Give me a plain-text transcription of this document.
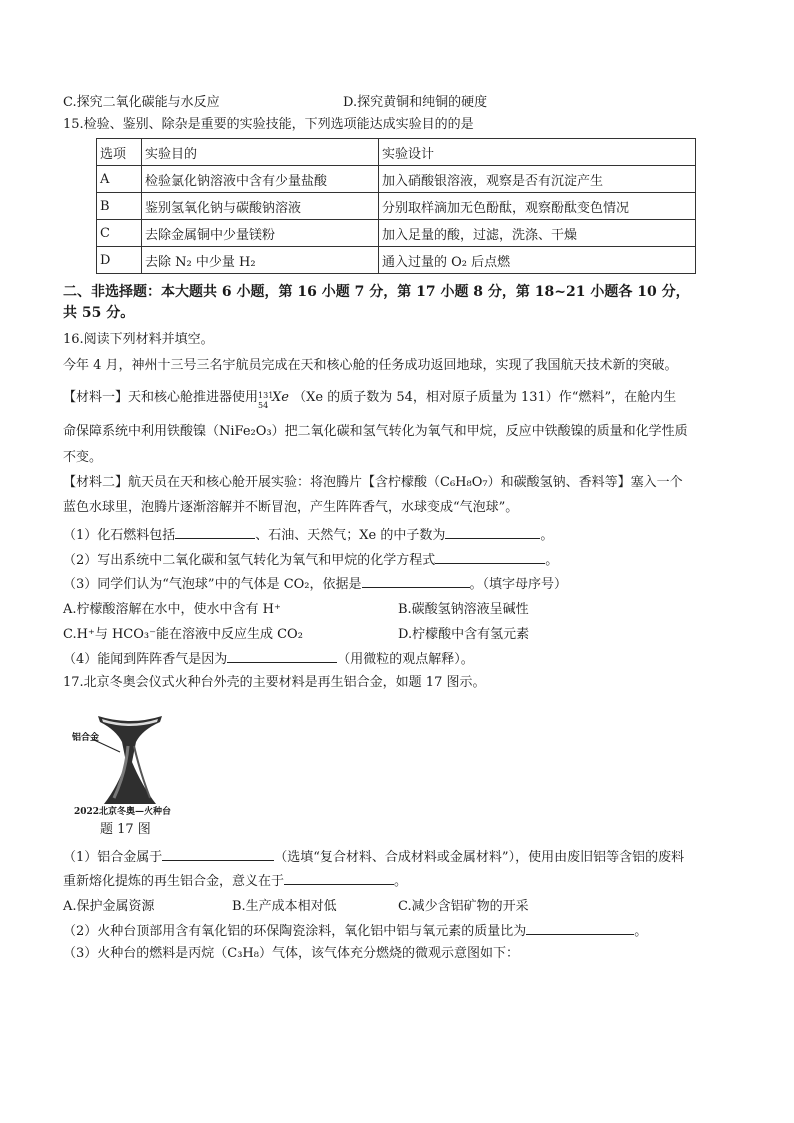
C.探究二氧化碳能与水反应	D.探究黄铜和纯铜的硬度
15.检验、鉴别、除杂是重要的实验技能，下列选项能达成实验目的的是
选项	实验目的	实验设计
A	检验氯化钠溶液中含有少量盐酸	加入硝酸银溶液，观察是否有沉淀产生
B	鉴别氢氧化钠与碳酸钠溶液	分别取样滴加无色酚酞，观察酚酞变色情况
C	去除金属铜中少量镁粉	加入足量的酸，过滤，洗涤、干燥
D	去除 N₂ 中少量 H₂	通入过量的 O₂ 后点燃
二、非选择题：本大题共 6 小题，第 16 小题 7 分，第 17 小题 8 分，第 18~21 小题各 10 分，
共 55 分。
16.阅读下列材料并填空。
今年 4 月，神州十三号三名宇航员完成在天和核心舱的任务成功返回地球，实现了我国航天技术新的突破。
【材料一】天和核心舱推进器使用 131
54
Xe （Xe 的质子数为 54，相对原子质量为 131）作“燃料”，在舱内生
命保障系统中利用铁酸镍（NiFe₂O₃）把二氧化碳和氢气转化为氧气和甲烷，反应中铁酸镍的质量和化学性质
不变。
【材料二】航天员在天和核心舱开展实验：将泡腾片【含柠檬酸（C₆H₈O₇）和碳酸氢钠、香料等】塞入一个
蓝色水球里，泡腾片逐渐溶解并不断冒泡，产生阵阵香气，水球变成“气泡球”。
（1）化石燃料包括	、石油、天然气；Xe 的中子数为	。
（2）写出系统中二氧化碳和氢气转化为氧气和甲烷的化学方程式	。
（3）同学们认为“气泡球”中的气体是 CO₂，依据是	。（填字母序号）
A.柠檬酸溶解在水中，使水中含有 H⁺	B.碳酸氢钠溶液呈碱性
C.H⁺与 HCO₃⁻能在溶液中反应生成 CO₂	D.柠檬酸中含有氢元素
（4）能闻到阵阵香气是因为	（用微粒的观点解释）。
17.北京冬奥会仪式火种台外壳的主要材料是再生铝合金，如题 17 图示。
铝合金
2022北京冬奥—火种台
题 17 图
（1）铝合金属于	（选填“复合材料、合成材料或金属材料”），使用由废旧铝等含铝的废料
重新熔化提炼的再生铝合金，意义在于	。
A.保护金属资源	B.生产成本相对低	C.减少含铝矿物的开采
（2）火种台顶部用含有氧化铝的环保陶瓷涂料，氧化铝中铝与氧元素的质量比为	。
（3）火种台的燃料是丙烷（C₃H₈）气体，该气体充分燃烧的微观示意图如下：
